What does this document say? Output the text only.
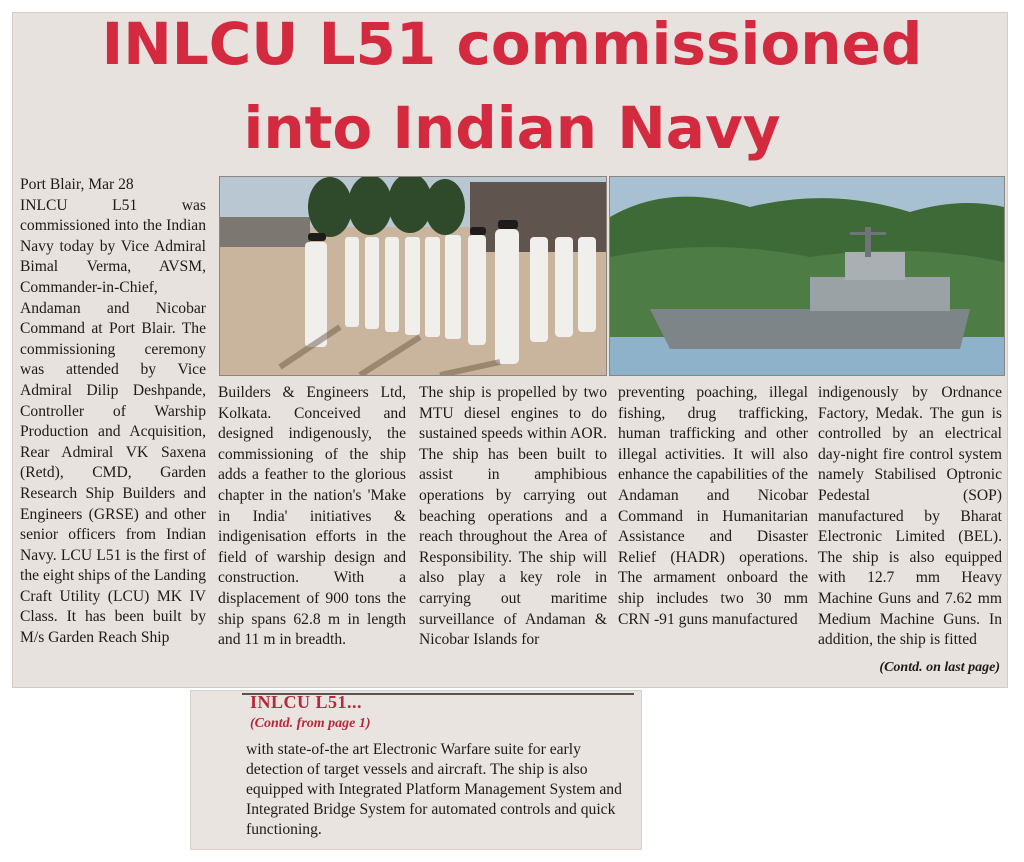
INLCU L51 commissioned
into Indian Navy

Port Blair, Mar 28

INLCU L51 was commissioned into the Indian Navy today by Vice Admiral Bimal Verma, AVSM, Commander-in-Chief, Andaman and Nicobar Command at Port Blair. The commissioning ceremony was attended by Vice Admiral Dilip Deshpande, Controller of Warship Production and Acquisition, Rear Admiral VK Saxena (Retd), CMD, Garden Research Ship Builders and Engineers (GRSE) and other senior officers from Indian Navy. LCU L51 is the first of the eight ships of the Landing Craft Utility (LCU) MK IV Class. It has been built by M/s Garden Reach Ship

Builders & Engineers Ltd, Kolkata. Conceived and designed indigenously, the commissioning of the ship adds a feather to the glorious chapter in the nation's 'Make in India' initiatives & indigenisation efforts in the field of warship design and construction. With a displacement of 900 tons the ship spans 62.8 m in length and 11 m in breadth.

The ship is propelled by two MTU diesel engines to do sustained speeds within AOR. The ship has been built to assist in amphibious operations by carrying out beaching operations and a reach throughout the Area of Responsibility. The ship will also play a key role in carrying out maritime surveillance of Andaman & Nicobar Islands for

preventing poaching, illegal fishing, drug trafficking, human trafficking and other illegal activities. It will also enhance the capabilities of the Andaman and Nicobar Command in Humanitarian Assistance and Disaster Relief (HADR) operations. The armament onboard the ship includes two 30 mm CRN -91 guns manufactured

indigenously by Ordnance Factory, Medak. The gun is controlled by an electrical day-night fire control system namely Stabilised Optronic Pedestal (SOP) manufactured by Bharat Electronic Limited (BEL). The ship is also equipped with 12.7 mm Heavy Machine Guns and 7.62 mm Medium Machine Guns. In addition, the ship is fitted

(Contd. on last page)
INLCU L51...
(Contd. from page 1)
with state-of-the art Electronic Warfare suite for early detection of target vessels and aircraft. The ship is also equipped with Integrated Platform Management System and Integrated Bridge System for automated controls and quick functioning.
